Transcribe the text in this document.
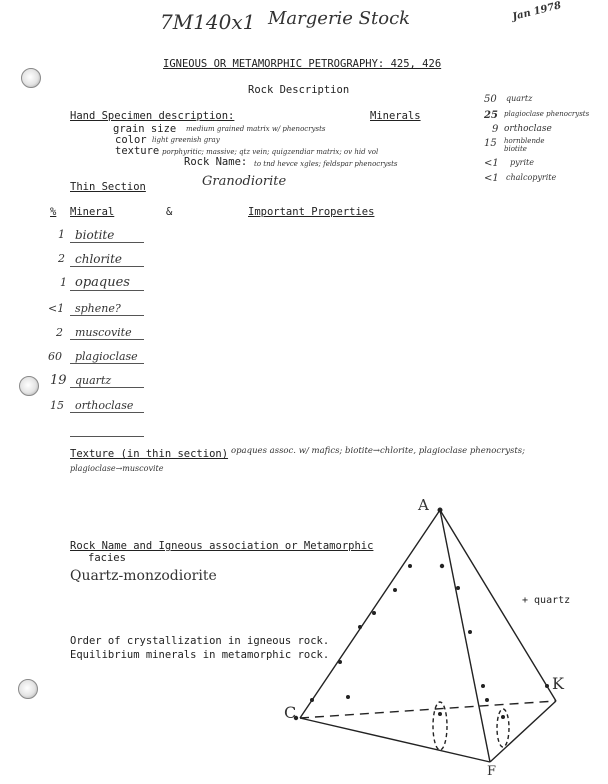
7M140x1 Margerie Stock	Jan 1978
IGNEOUS OR METAMORPHIC PETROGRAPHY: 425, 426
Rock Description
Hand Specimen description:	Minerals
grain size medium grained matrix w/ phenocrysts
color light greenish gray
texture porphyritic; massive; qtz vein; quigzendiar matrix; ov hid vol
Rock Name: to tnd hevce xgles; feldspar phenocrysts
50 quartz
25 plagioclase phenocrysts
9 orthoclase
15 hornblende biotite
<1 pyrite
<1 chalcopyrite
Thin Section	Granodiorite
% Mineral	&	Important Properties
1 biotite
2 chlorite
1 opaques
<1 sphene?
2 muscovite
60 plagioclase
19 quartz
15 orthoclase
Texture (in thin section) opaques assoc. w/ mafics; biotite→chlorite, plagioclase phenocrysts;
plagioclase→muscovite
Rock Name and Igneous association or Metamorphic
facies
Quartz-monzodiorite
Order of crystallization in igneous rock.
Equilibrium minerals in metamorphic rock.
A
C
K
F
+ quartz
